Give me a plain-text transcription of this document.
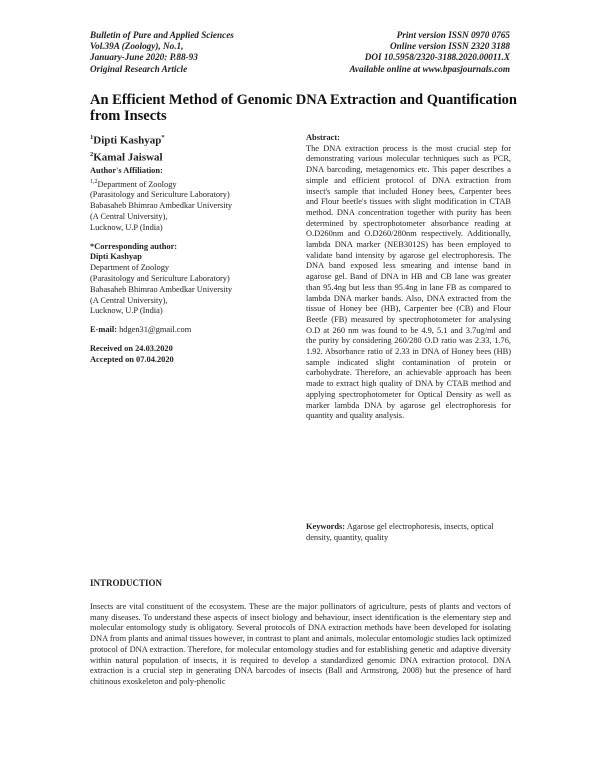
Bulletin of Pure and Applied Sciences
Vol.39A (Zoology), No.1,
January-June 2020: P.88-93
Original Research Article
Print version ISSN 0970 0765
Online version ISSN 2320 3188
DOI 10.5958/2320-3188.2020.00011.X
Available online at www.bpasjournals.com
An Efficient Method of Genomic DNA Extraction and Quantification from Insects
$^1$Dipti Kashyap*
$^2$Kamal Jaiswal
Author's Affiliation:
$^{1,2}$Department of Zoology
(Parasitology and Sericulture Laboratory)
Babasaheb Bhimrao Ambedkar University
(A Central University),
Lucknow, U.P (India)
*Corresponding author:
Dipti Kashyap
Department of Zoology
(Parasitology and Sericulture Laboratory)
Babasaheb Bhimrao Ambedkar University
(A Central University),
Lucknow, U.P (India)
E-mail: hdgen31@gmail.com
Received on 24.03.2020
Accepted on 07.04.2020
Abstract:
The DNA extraction process is the most crucial step for demonstrating various molecular techniques such as PCR, DNA barcoding, metagenomics etc. This paper describes a simple and efficient protocol of DNA extraction from insect's sample that included Honey bees, Carpenter bees and Flour beetle's tissues with slight modification in CTAB method. DNA concentration together with purity has been determined by spectrophotometer absorbance reading at O.D260nm and O.D260/280nm respectively. Additionally, lambda DNA marker (NEB3012S) has been employed to validate band intensity by agarose gel electrophoresis. The DNA band exposed less smearing and intense band in agarose gel. Band of DNA in HB and CB lane was greater than 95.4ng but less than 95.4ng in lane FB as compared to lambda DNA marker bands. Also, DNA extracted from the tissue of Honey bee (HB), Carpenter bee (CB) and Flour Beetle (FB) measured by spectrophotometer for analysing O.D at 260 nm was found to be 4.9, 5.1 and 3.7ug/ml and the purity by considering 260/280 O.D ratio was 2.33, 1.76, 1.92. Absorbance ratio of 2.33 in DNA of Honey bees (HB) sample indicated slight contamination of protein or carbohydrate. Therefore, an achievable approach has been made to extract high quality of DNA by CTAB method and applying spectrophotometer for Optical Density as well as marker lambda DNA by agarose gel electrophoresis for quantity and quality analysis.
Keywords: Agarose gel electrophoresis, insects, optical density, quantity, quality
INTRODUCTION
Insects are vital constituent of the ecosystem. These are the major pollinators of agriculture, pests of plants and vectors of many diseases. To understand these aspects of insect biology and behaviour, insect identification is the elementary step and molecular entomology study is obligatory. Several protocols of DNA extraction methods have been developed for isolating DNA from plants and animal tissues however, in contrast to plant and animals, molecular entomologic studies lack optimized protocol of DNA extraction. Therefore, for molecular entomology studies and for establishing genetic and adaptive diversity within natural population of insects, it is required to develop a standardized genomic DNA extraction protocol. DNA extraction is a crucial step in generating DNA barcodes of insects (Ball and Armstrong, 2008) but the presence of hard chitinous exoskeleton and poly-phenolic
